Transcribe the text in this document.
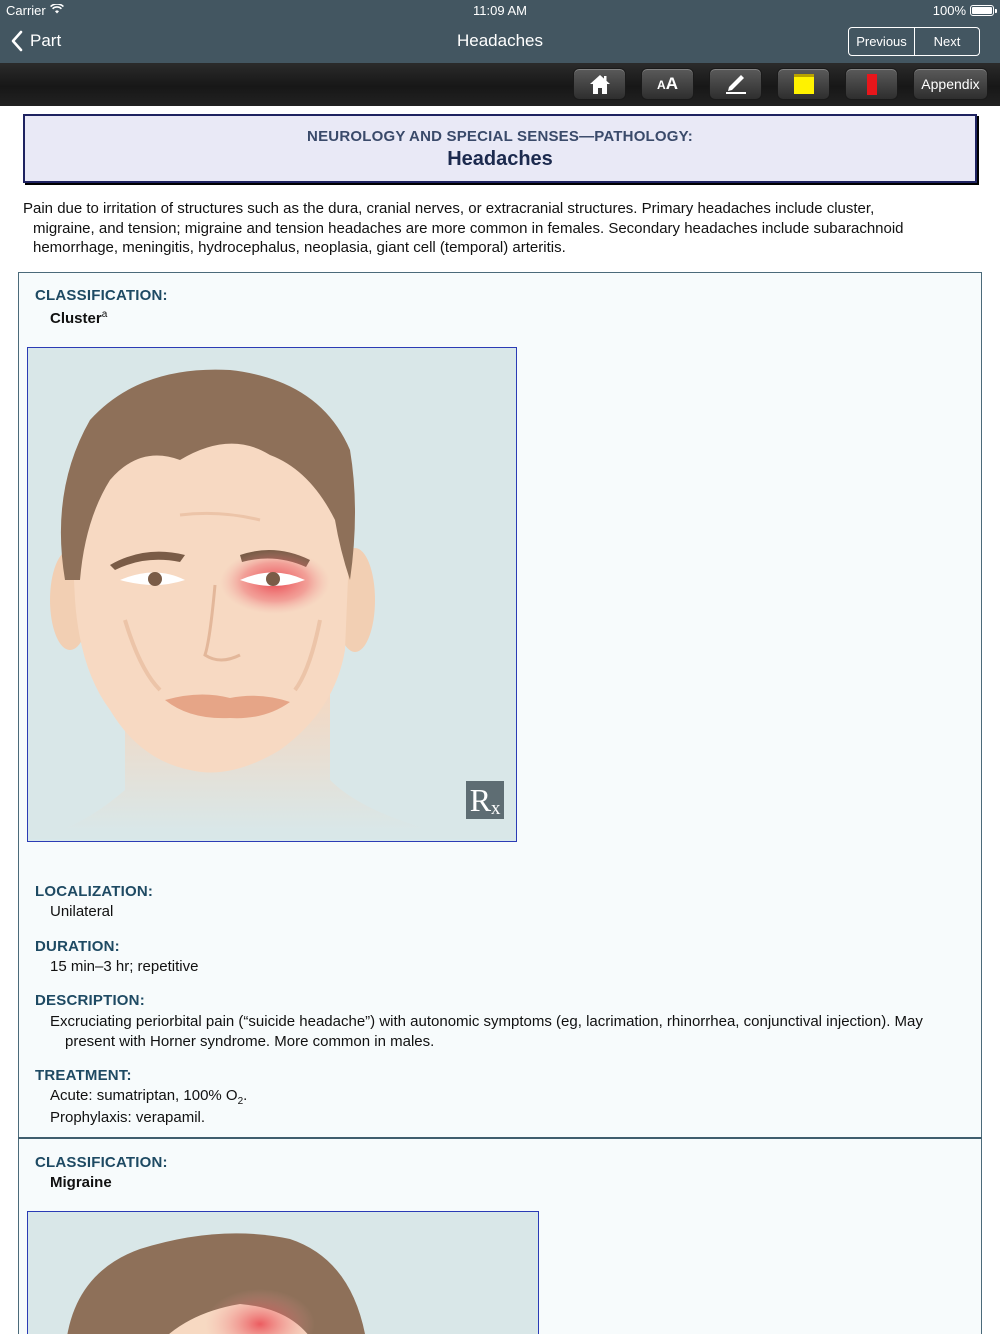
Carrier	11:09 AM	100%
Part	Headaches	Previous	Next
AA	Appendix
NEUROLOGY AND SPECIAL SENSES—PATHOLOGY:
Headaches
Pain due to irritation of structures such as the dura, cranial nerves, or extracranial structures. Primary headaches include cluster,
migraine, and tension; migraine and tension headaches are more common in females. Secondary headaches include subarachnoid
hemorrhage, meningitis, hydrocephalus, neoplasia, giant cell (temporal) arteritis.
CLASSIFICATION:
Cluster$^a$
Rₓ
LOCALIZATION:
Unilateral
DURATION:
15 min–3 hr; repetitive
DESCRIPTION:
Excruciating periorbital pain (“suicide headache”) with autonomic symptoms (eg, lacrimation, rhinorrhea, conjunctival injection). May
present with Horner syndrome. More common in males.
TREATMENT:
Acute: sumatriptan, 100% $O_2$.
Prophylaxis: verapamil.
CLASSIFICATION:
Migraine
